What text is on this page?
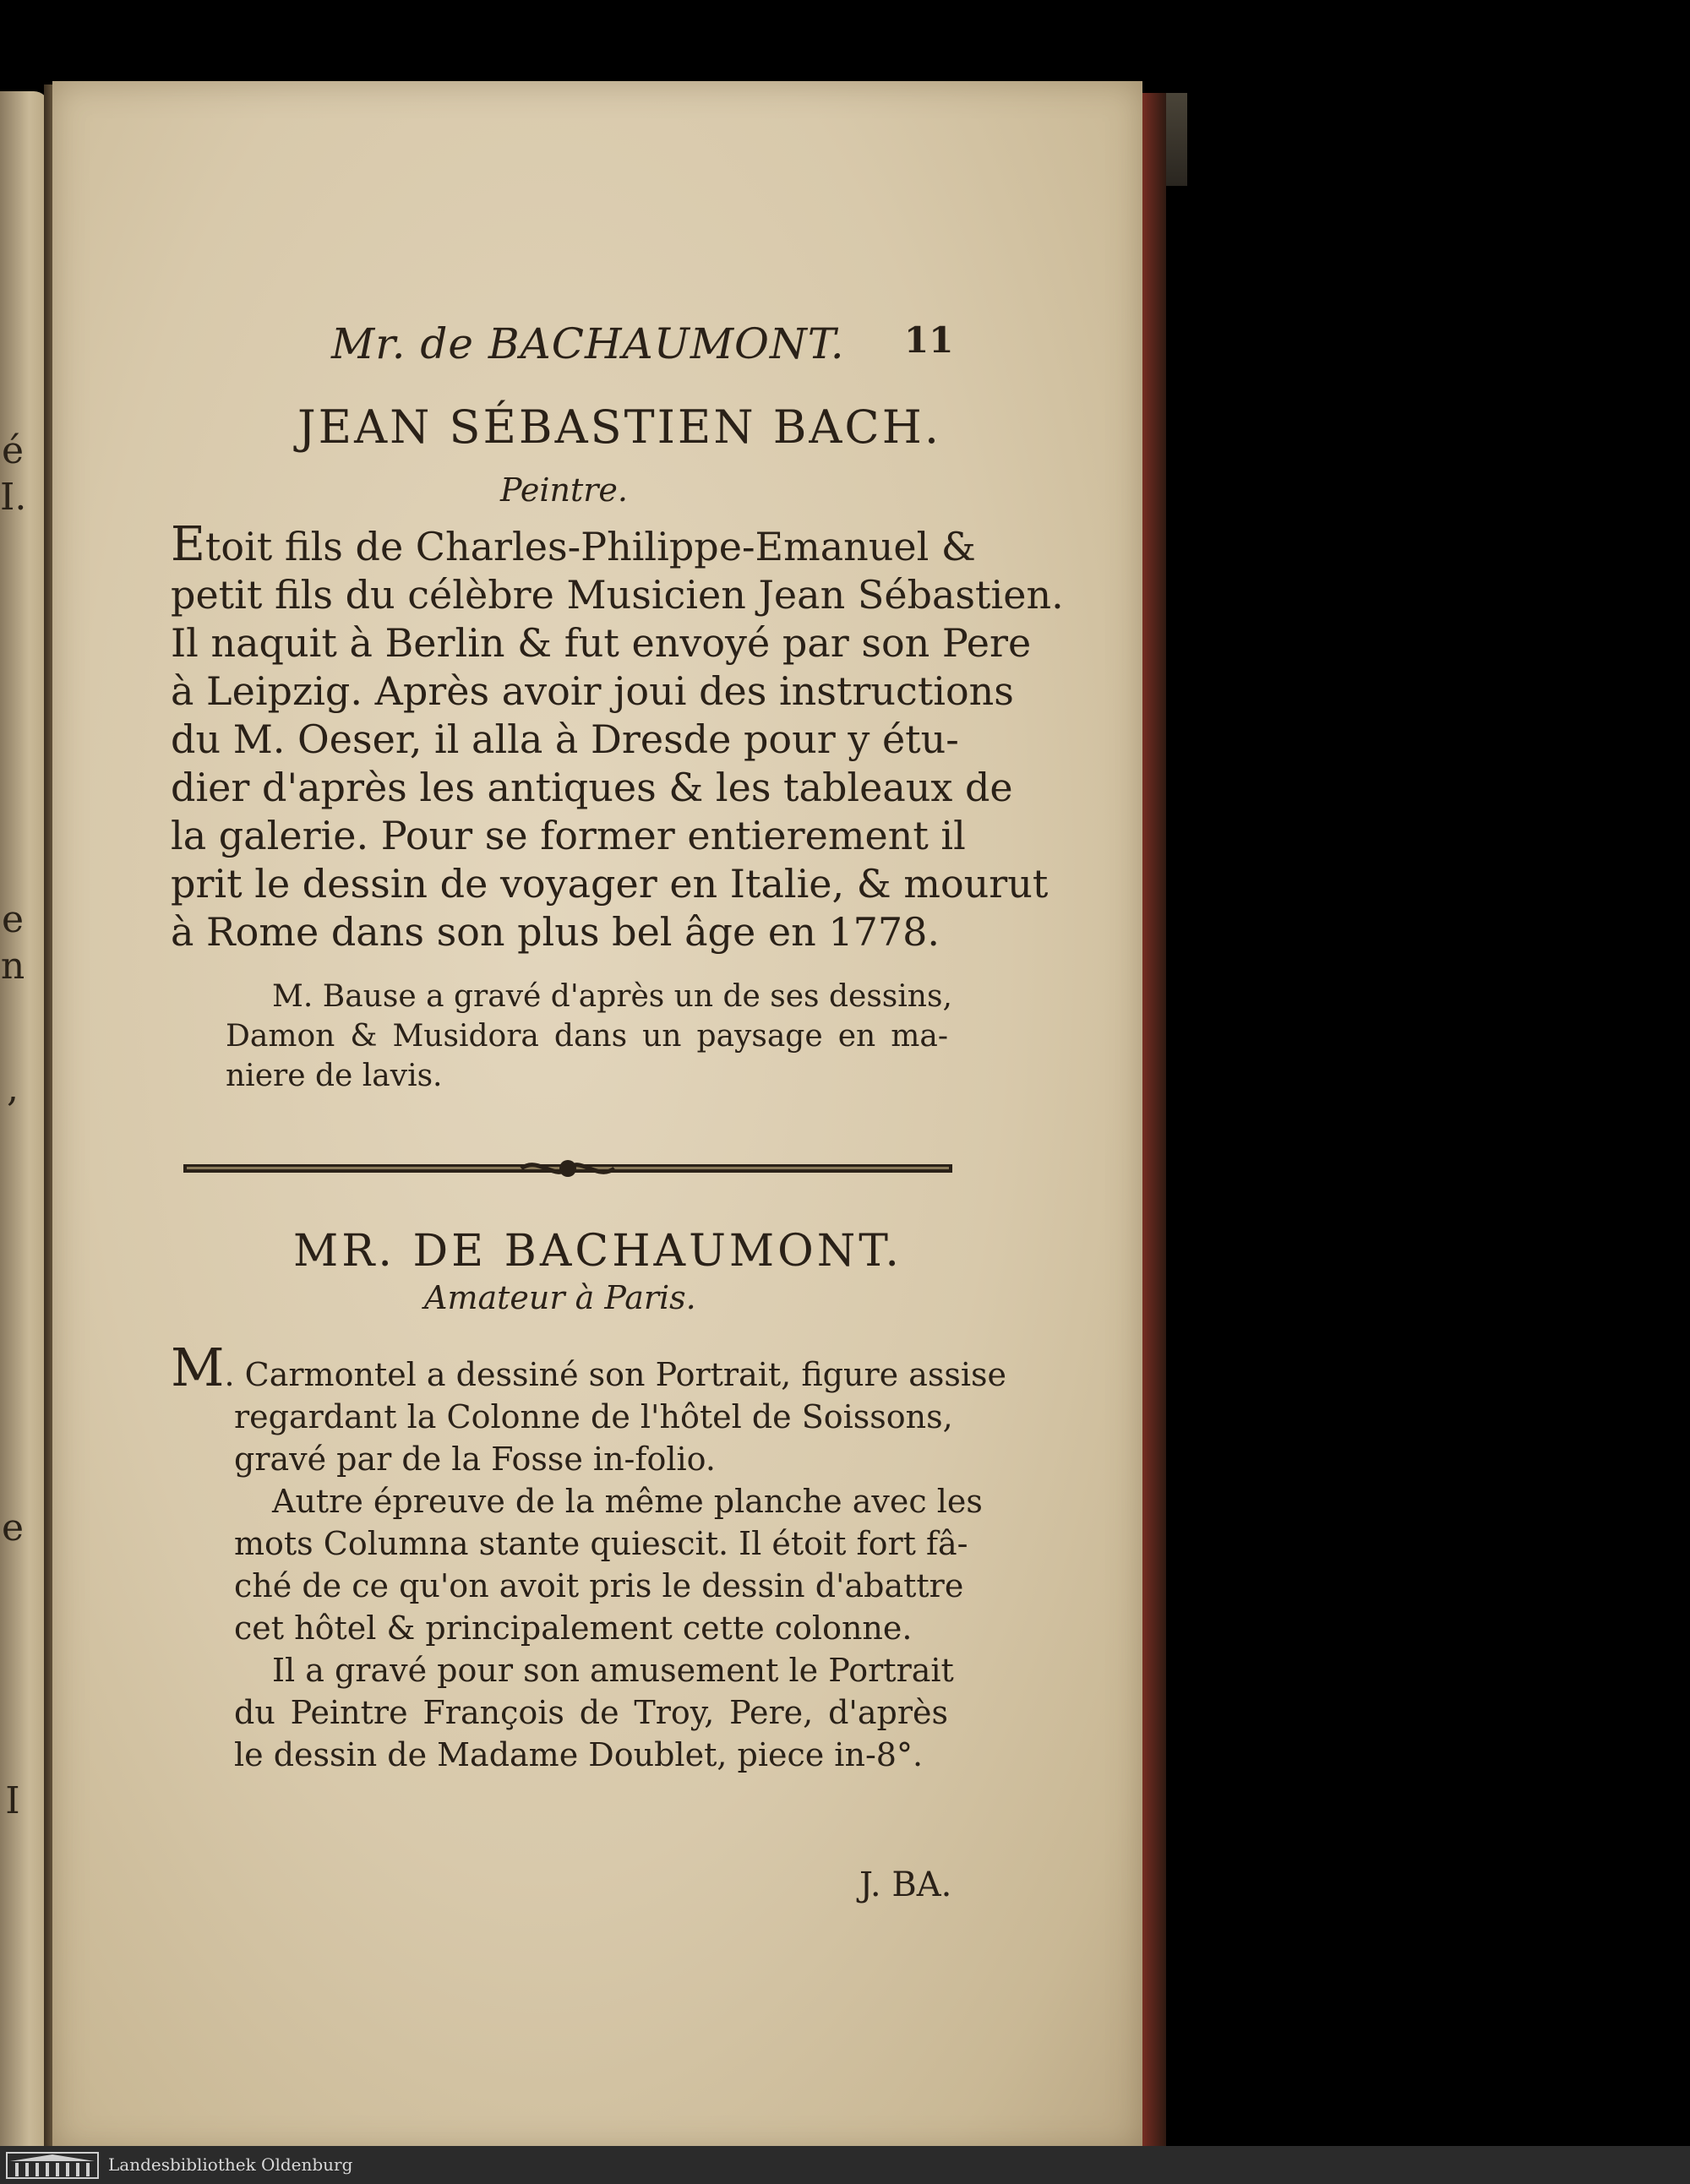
é
I.
e
n
,
e
I
Mr. de BACHAUMONT. 11
JEAN SÉBASTIEN BACH.
Peintre.
Etoit fils de Charles-Philippe-Emanuel &
petit fils du célèbre Musicien Jean Sébastien.
Il naquit à Berlin & fut envoyé par son Pere
à Leipzig. Après avoir joui des instructions
du M. Oeser, il alla à Dresde pour y étu-
dier d'après les antiques & les tableaux de
la galerie. Pour se former entierement il
prit le dessin de voyager en Italie, & mourut
à Rome dans son plus bel âge en 1778.
M. Bause a gravé d'après un de ses dessins,
Damon & Musidora dans un paysage en ma-
niere de lavis.
MR. DE BACHAUMONT.
Amateur à Paris.
M. Carmontel a dessiné son Portrait, figure assise
regardant la Colonne de l'hôtel de Soissons,
gravé par de la Fosse in-folio.
Autre épreuve de la même planche avec les
mots Columna stante quiescit. Il étoit fort fâ-
ché de ce qu'on avoit pris le dessin d'abattre
cet hôtel & principalement cette colonne.
Il a gravé pour son amusement le Portrait
du Peintre François de Troy, Pere, d'après
le dessin de Madame Doublet, piece in-8°.
J. BA.
Landesbibliothek Oldenburg
